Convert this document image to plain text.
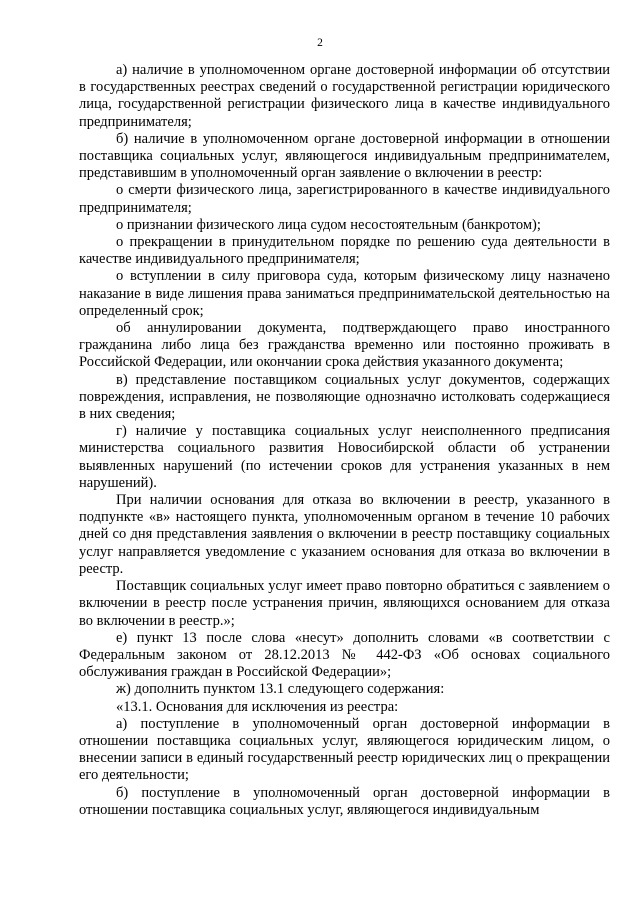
2

а) наличие в уполномоченном органе достоверной информации об отсутствии в государственных реестрах сведений о государственной регистрации юридического лица, государственной регистрации физического лица в качестве индивидуального предпринимателя;

б) наличие в уполномоченном органе достоверной информации в отношении поставщика социальных услуг, являющегося индивидуальным предпринимателем, представившим в уполномоченный орган заявление о включении в реестр:

о смерти физического лица, зарегистрированного в качестве индивидуального предпринимателя;

о признании физического лица судом несостоятельным (банкротом);

о прекращении в принудительном порядке по решению суда деятельности в качестве индивидуального предпринимателя;

о вступлении в силу приговора суда, которым физическому лицу назначено наказание в виде лишения права заниматься предпринимательской деятельностью на определенный срок;

об аннулировании документа, подтверждающего право иностранного гражданина либо лица без гражданства временно или постоянно проживать в Российской Федерации, или окончании срока действия указанного документа;

в) представление поставщиком социальных услуг документов, содержащих повреждения, исправления, не позволяющие однозначно истолковать содержащиеся в них сведения;

г) наличие у поставщика социальных услуг неисполненного предписания министерства социального развития Новосибирской области об устранении выявленных нарушений (по истечении сроков для устранения указанных в нем нарушений).

При наличии основания для отказа во включении в реестр, указанного в подпункте «в» настоящего пункта, уполномоченным органом в течение 10 рабочих дней со дня представления заявления о включении в реестр поставщику социальных услуг направляется уведомление с указанием основания для отказа во включении в реестр.

Поставщик социальных услуг имеет право повторно обратиться с заявлением о включении в реестр после устранения причин, являющихся основанием для отказа во включении в реестр.»;

е) пункт 13 после слова «несут» дополнить словами «в соответствии с Федеральным законом от 28.12.2013 № 442-ФЗ «Об основах социального обслуживания граждан в Российской Федерации»;

ж) дополнить пунктом 13.1 следующего содержания:

«13.1. Основания для исключения из реестра:

а) поступление в уполномоченный орган достоверной информации в отношении поставщика социальных услуг, являющегося юридическим лицом, о внесении записи в единый государственный реестр юридических лиц о прекращении его деятельности;

б) поступление в уполномоченный орган достоверной информации в отношении поставщика социальных услуг, являющегося индивидуальным
